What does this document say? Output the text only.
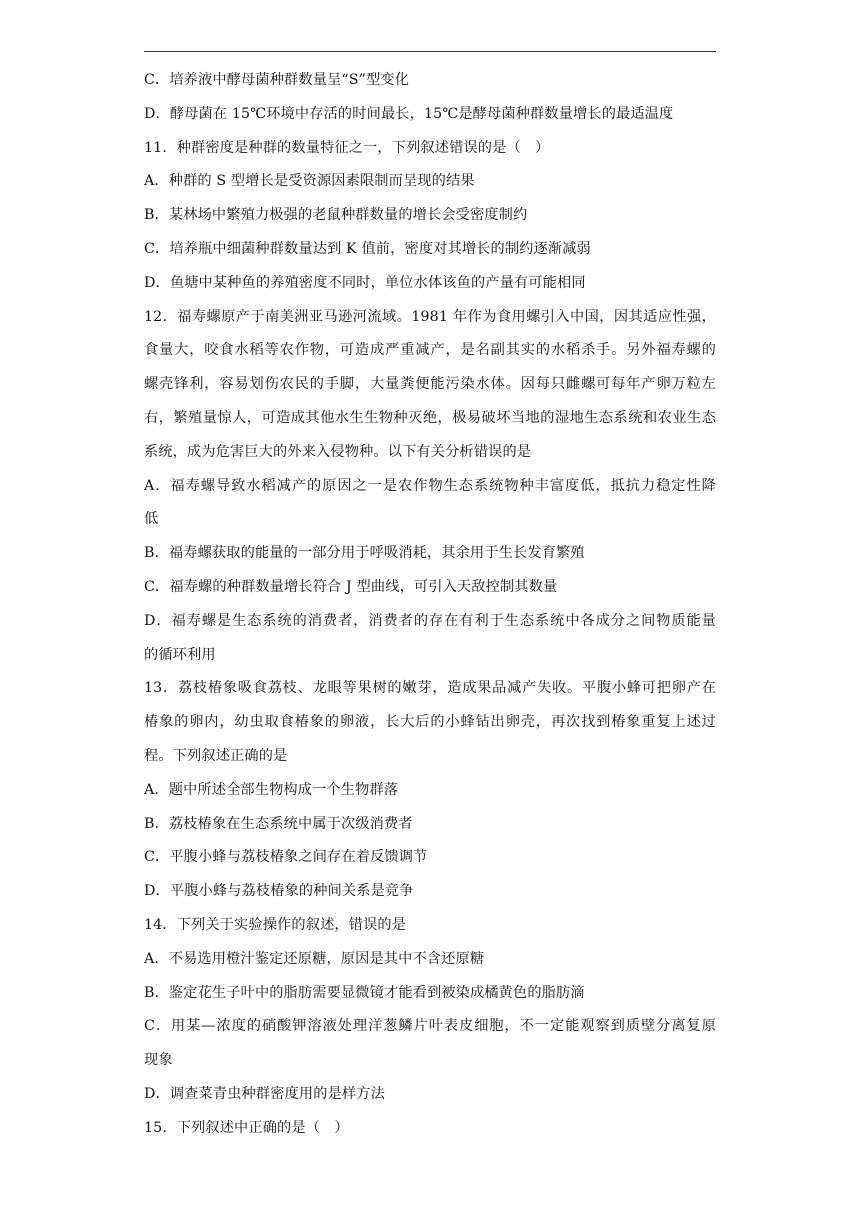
C．培养液中酵母菌种群数量呈“S”型变化
D．酵母菌在 15℃环境中存活的时间最长，15℃是酵母菌种群数量增长的最适温度
11．种群密度是种群的数量特征之一，下列叙述错误的是（　）
A．种群的 S 型增长是受资源因素限制而呈现的结果
B．某林场中繁殖力极强的老鼠种群数量的增长会受密度制约
C．培养瓶中细菌种群数量达到 K 值前，密度对其增长的制约逐渐减弱
D．鱼塘中某种鱼的养殖密度不同时，单位水体该鱼的产量有可能相同
12．福寿螺原产于南美洲亚马逊河流域。1981 年作为食用螺引入中国，因其适应性强，
食量大，咬食水稻等农作物，可造成严重减产，是名副其实的水稻杀手。另外福寿螺的
螺壳锋利，容易划伤农民的手脚，大量粪便能污染水体。因每只雌螺可每年产卵万粒左
右，繁殖量惊人，可造成其他水生生物种灭绝，极易破坏当地的湿地生态系统和农业生态
系统，成为危害巨大的外来入侵物种。以下有关分析错误的是
A．福寿螺导致水稻减产的原因之一是农作物生态系统物种丰富度低，抵抗力稳定性降
低
B．福寿螺获取的能量的一部分用于呼吸消耗，其余用于生长发育繁殖
C．福寿螺的种群数量增长符合 J 型曲线，可引入天敌控制其数量
D．福寿螺是生态系统的消费者，消费者的存在有利于生态系统中各成分之间物质能量
的循环利用
13．荔枝椿象吸食荔枝、龙眼等果树的嫩芽，造成果品减产失收。平腹小蜂可把卵产在
椿象的卵内，幼虫取食椿象的卵液，长大后的小蜂钻出卵壳，再次找到椿象重复上述过
程。下列叙述正确的是
A．题中所述全部生物构成一个生物群落
B．荔枝椿象在生态系统中属于次级消费者
C．平腹小蜂与荔枝椿象之间存在着反馈调节
D．平腹小蜂与荔枝椿象的种间关系是竞争
14．下列关于实验操作的叙述，错误的是
A．不易选用橙汁鉴定还原糖，原因是其中不含还原糖
B．鉴定花生子叶中的脂肪需要显微镜才能看到被染成橘黄色的脂肪滴
C．用某—浓度的硝酸钾溶液处理洋葱鳞片叶表皮细胞，不一定能观察到质壁分离复原
现象
D．调查菜青虫种群密度用的是样方法
15．下列叙述中正确的是（　）
